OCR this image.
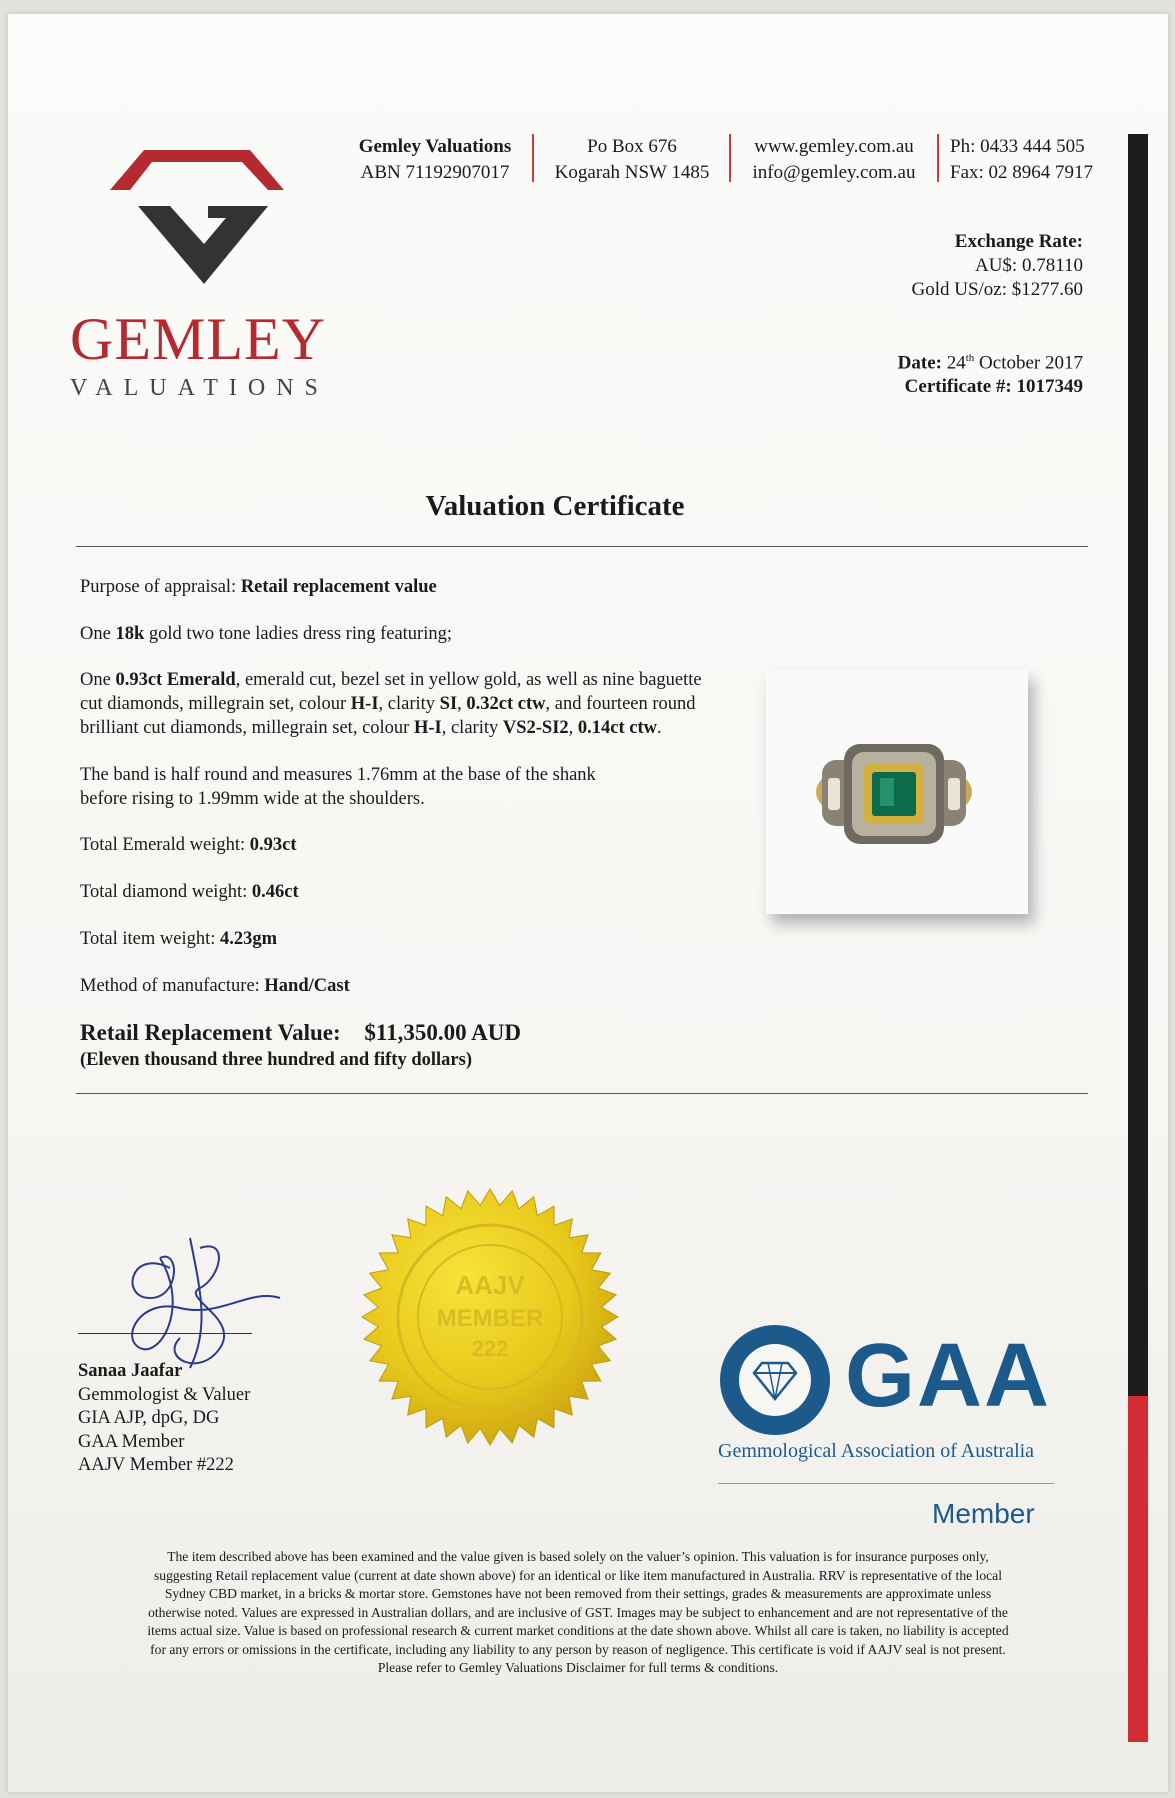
GEMLEY
VALUATIONS
Gemley Valuations
ABN 71192907017
Po Box 676
Kogarah NSW 1485
www.gemley.com.au
info@gemley.com.au
Ph: 0433 444 505
Fax: 02 8964 7917
Exchange Rate:
AU$: 0.78110
Gold US/oz: $1277.60
Date: 24th October 2017
Certificate #: 1017349
Valuation Certificate
Purpose of appraisal: Retail replacement value
One 18k gold two tone ladies dress ring featuring;
One 0.93ct Emerald, emerald cut, bezel set in yellow gold, as well as nine baguette
cut diamonds, millegrain set, colour H-I, clarity SI, 0.32ct ctw, and fourteen round
brilliant cut diamonds, millegrain set, colour H-I, clarity VS2-SI2, 0.14ct ctw.
The band is half round and measures 1.76mm at the base of the shank
before rising to 1.99mm wide at the shoulders.
Total Emerald weight: 0.93ct
Total diamond weight: 0.46ct
Total item weight: 4.23gm
Method of manufacture: Hand/Cast
Retail Replacement Value: $11,350.00 AUD
(Eleven thousand three hundred and fifty dollars)
Sanaa Jaafar
Gemmologist & Valuer
GIA AJP, dpG, DG
GAA Member
AAJV Member #222
AAJV
MEMBER
222	GAA
Gemmological Association of Australia
Member
The item described above has been examined and the value given is based solely on the valuer’s opinion. This valuation is for insurance purposes only,
suggesting Retail replacement value (current at date shown above) for an identical or like item manufactured in Australia. RRV is representative of the local
Sydney CBD market, in a bricks & mortar store. Gemstones have not been removed from their settings, grades & measurements are approximate unless
otherwise noted. Values are expressed in Australian dollars, and are inclusive of GST. Images may be subject to enhancement and are not representative of the
items actual size. Value is based on professional research & current market conditions at the date shown above. Whilst all care is taken, no liability is accepted
for any errors or omissions in the certificate, including any liability to any person by reason of negligence. This certificate is void if AAJV seal is not present.
Please refer to Gemley Valuations Disclaimer for full terms & conditions.
